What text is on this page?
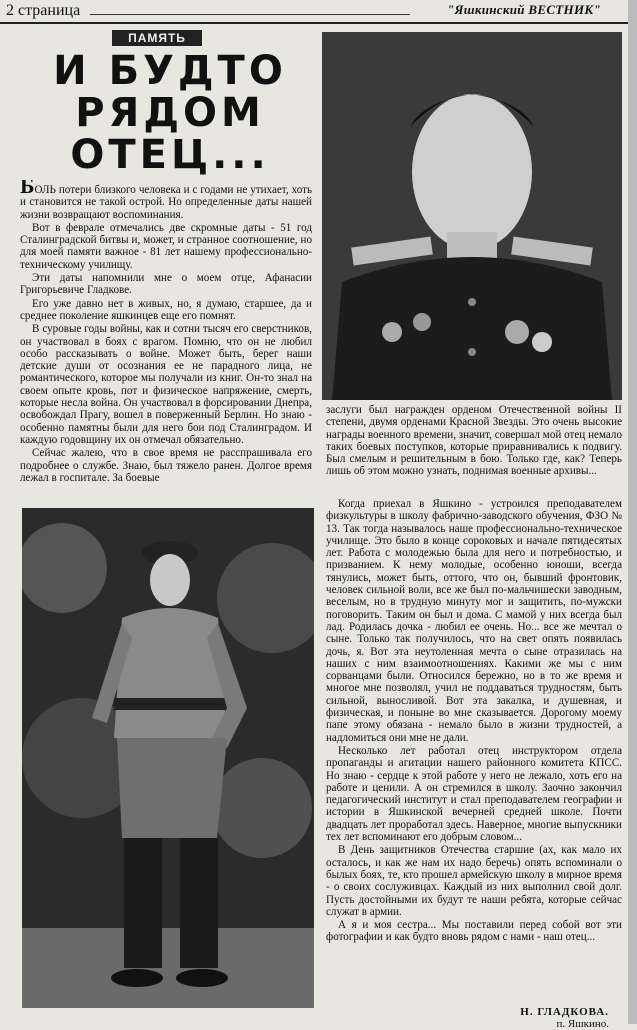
2 страница	"Яшкинский ВЕСТНИК"
ПАМЯТЬ
И БУДТО
РЯДОМ
ОТЕЦ...

БОЛЬ потери близкого человека и с годами не утихает, хоть и становится не такой острой. Но определенные даты нашей жизни возвращают воспоминания.

Вот в феврале отмечались две скромные даты - 51 год Сталинградской битвы и, может, и странное соотношение, но для моей памяти важное - 81 лет нашему профессионально-техническому училищу.

Эти даты напомнили мне о моем отце, Афанасии Григорьевиче Гладкове.

Его уже давно нет в живых, но, я думаю, старшее, да и среднее поколение яшкинцев еще его помнят.

В суровые годы войны, как и сотни тысяч его сверстников, он участвовал в боях с врагом. Помню, что он не любил особо рассказывать о войне. Может быть, берег наши детские души от осознания ее не парадного лица, не романтического, которое мы получали из книг. Он-то знал на своем опыте кровь, пот и физическое напряжение, смерть, которые несла война. Он участвовал в форсировании Днепра, освобождал Прагу, вошел в поверженный Берлин. Но знаю - особенно памятны были для него бои под Сталинградом. И каждую годовщину их он отмечал обязательно.

Сейчас жалею, что в свое время не расспрашивала его подробнее о службе. Знаю, был тяжело ранен. Долгое время лежал в госпитале. За боевые

заслуги был награжден орденом Отечественной войны II степени, двумя орденами Красной Звезды. Это очень высокие награды военного времени, значит, совершал мой отец немало таких боевых поступков, которые приравнивались к подвигу. Был смелым и решительным в бою. Только где, как? Теперь лишь об этом можно узнать, поднимая военные архивы...

Когда приехал в Яшкино - устроился преподавателем физкультуры в школу фабрично-заводского обучения, ФЗО № 13. Так тогда называлось наше профессионально-техническое училище. Это было в конце сороковых и начале пятидесятых лет. Работа с молодежью была для него и потребностью, и призванием. К нему молодые, особенно юноши, всегда тянулись, может быть, оттого, что он, бывший фронтовик, человек сильной воли, все же был по-мальчишески заводным, веселым, но в трудную минуту мог и защитить, по-мужски поговорить. Таким он был и дома. С мамой у них всегда был лад. Родилась дочка - любил ее очень. Но... все же мечтал о сыне. Только так получилось, что на свет опять появилась дочь, я. Вот эта неутоленная мечта о сыне отразилась на наших с ним взаимоотношениях. Какими же мы с ним сорванцами были. Относился бережно, но в то же время и многое мне позволял, учил не поддаваться трудностям, быть сильной, выносливой. Вот эта закалка, и душевная, и физическая, и поныне во мне сказывается. Дорогому моему папе этому обязана - немало было в жизни трудностей, а надломиться они мне не дали.

Несколько лет работал отец инструктором отдела пропаганды и агитации нашего районного комитета КПСС. Но знаю - сердце к этой работе у него не лежало, хоть его на работе и ценили. А он стремился в школу. Заочно закончил педагогический институт и стал преподавателем географии и истории в Яшкинской вечерней средней школе. Почти двадцать лет проработал здесь. Наверное, многие выпускники тех лет вспоминают его добрым словом...

В День защитников Отечества старшие (ах, как мало их осталось, и как же нам их надо беречь) опять вспоминали о былых боях, те, кто прошел армейскую школу в мирное время - о своих сослуживцах. Каждый из них выполнил свой долг. Пусть достойными их будут те наши ребята, которые сейчас служат в армии.

А я и моя сестра... Мы поставили перед собой вот эти фотографии и как будто вновь рядом с нами - наш отец...

Н. ГЛАДКОВА.
п. Яшкино.
